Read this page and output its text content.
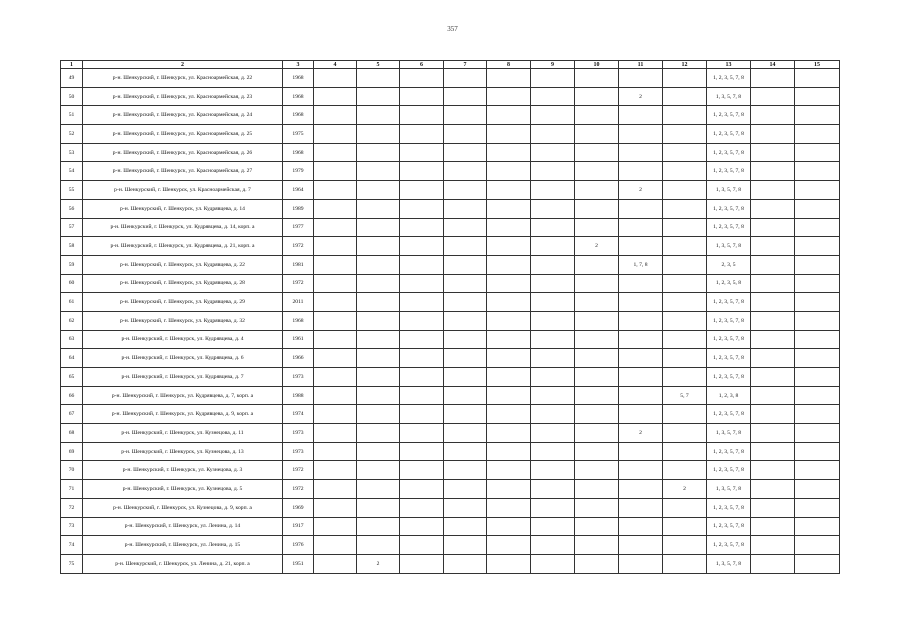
357
1	2	3	4	5	6	7	8	9	10	11	12	13	14	15
49	р-н. Шенкурский, г. Шенкурск, ул. Красноармейская, д. 22	1968										1, 2, 3, 5, 7, 8		
50	р-н. Шенкурский, г. Шенкурск, ул. Красноармейская, д. 23	1968								2		1, 3, 5, 7, 8		
51	р-н. Шенкурский, г. Шенкурск, ул. Красноармейская, д. 24	1968										1, 2, 3, 5, 7, 8		
52	р-н. Шенкурский, г. Шенкурск, ул. Красноармейская, д. 25	1975										1, 2, 3, 5, 7, 8		
53	р-н. Шенкурский, г. Шенкурск, ул. Красноармейская, д. 26	1968										1, 2, 3, 5, 7, 8		
54	р-н. Шенкурский, г. Шенкурск, ул. Красноармейская, д. 27	1979										1, 2, 3, 5, 7, 8		
55	р-н. Шенкурский, г. Шенкурск, ул. Красноармейская, д. 7	1964								2		1, 3, 5, 7, 8		
56	р-н. Шенкурский, г. Шенкурск, ул. Кудрявцева, д. 14	1989										1, 2, 3, 5, 7, 8		
57	р-н. Шенкурский, г. Шенкурск, ул. Кудрявцева, д. 14, корп. а	1977										1, 2, 3, 5, 7, 8		
58	р-н. Шенкурский, г. Шенкурск, ул. Кудрявцева, д. 21, корп. а	1972							2			1, 3, 5, 7, 8		
59	р-н. Шенкурский, г. Шенкурск, ул. Кудрявцева, д. 22	1981								1, 7, 8		2, 3, 5		
60	р-н. Шенкурский, г. Шенкурск, ул. Кудрявцева, д. 28	1972										1, 2, 3, 5, 8		
61	р-н. Шенкурский, г. Шенкурск, ул. Кудрявцева, д. 29	2011										1, 2, 3, 5, 7, 8		
62	р-н. Шенкурский, г. Шенкурск, ул. Кудрявцева, д. 32	1968										1, 2, 3, 5, 7, 8		
63	р-н. Шенкурский, г. Шенкурск, ул. Кудрявцева, д. 4	1961										1, 2, 3, 5, 7, 8		
64	р-н. Шенкурский, г. Шенкурск, ул. Кудрявцева, д. 6	1966										1, 2, 3, 5, 7, 8		
65	р-н. Шенкурский, г. Шенкурск, ул. Кудрявцева, д. 7	1973										1, 2, 3, 5, 7, 8		
66	р-н. Шенкурский, г. Шенкурск, ул. Кудрявцева, д. 7, корп. а	1988									5, 7	1, 2, 3, 8		
67	р-н. Шенкурский, г. Шенкурск, ул. Кудрявцева, д. 9, корп. а	1974										1, 2, 3, 5, 7, 8		
68	р-н. Шенкурский, г. Шенкурск, ул. Кузнецова, д. 11	1973								2		1, 3, 5, 7, 8		
69	р-н. Шенкурский, г. Шенкурск, ул. Кузнецова, д. 13	1973										1, 2, 3, 5, 7, 8		
70	р-н. Шенкурский, г. Шенкурск, ул. Кузнецова, д. 3	1972										1, 2, 3, 5, 7, 8		
71	р-н. Шенкурский, г. Шенкурск, ул. Кузнецова, д. 5	1972									2	1, 3, 5, 7, 8		
72	р-н. Шенкурский, г. Шенкурск, ул. Кузнецова, д. 9, корп. а	1969										1, 2, 3, 5, 7, 8		
73	р-н. Шенкурский, г. Шенкурск, ул. Ленина, д. 14	1917										1, 2, 3, 5, 7, 8		
74	р-н. Шенкурский, г. Шенкурск, ул. Ленина, д. 15	1976										1, 2, 3, 5, 7, 8		
75	р-н. Шенкурский, г. Шенкурск, ул. Ленина, д. 21, корп. а	1951		2								1, 3, 5, 7, 8		
